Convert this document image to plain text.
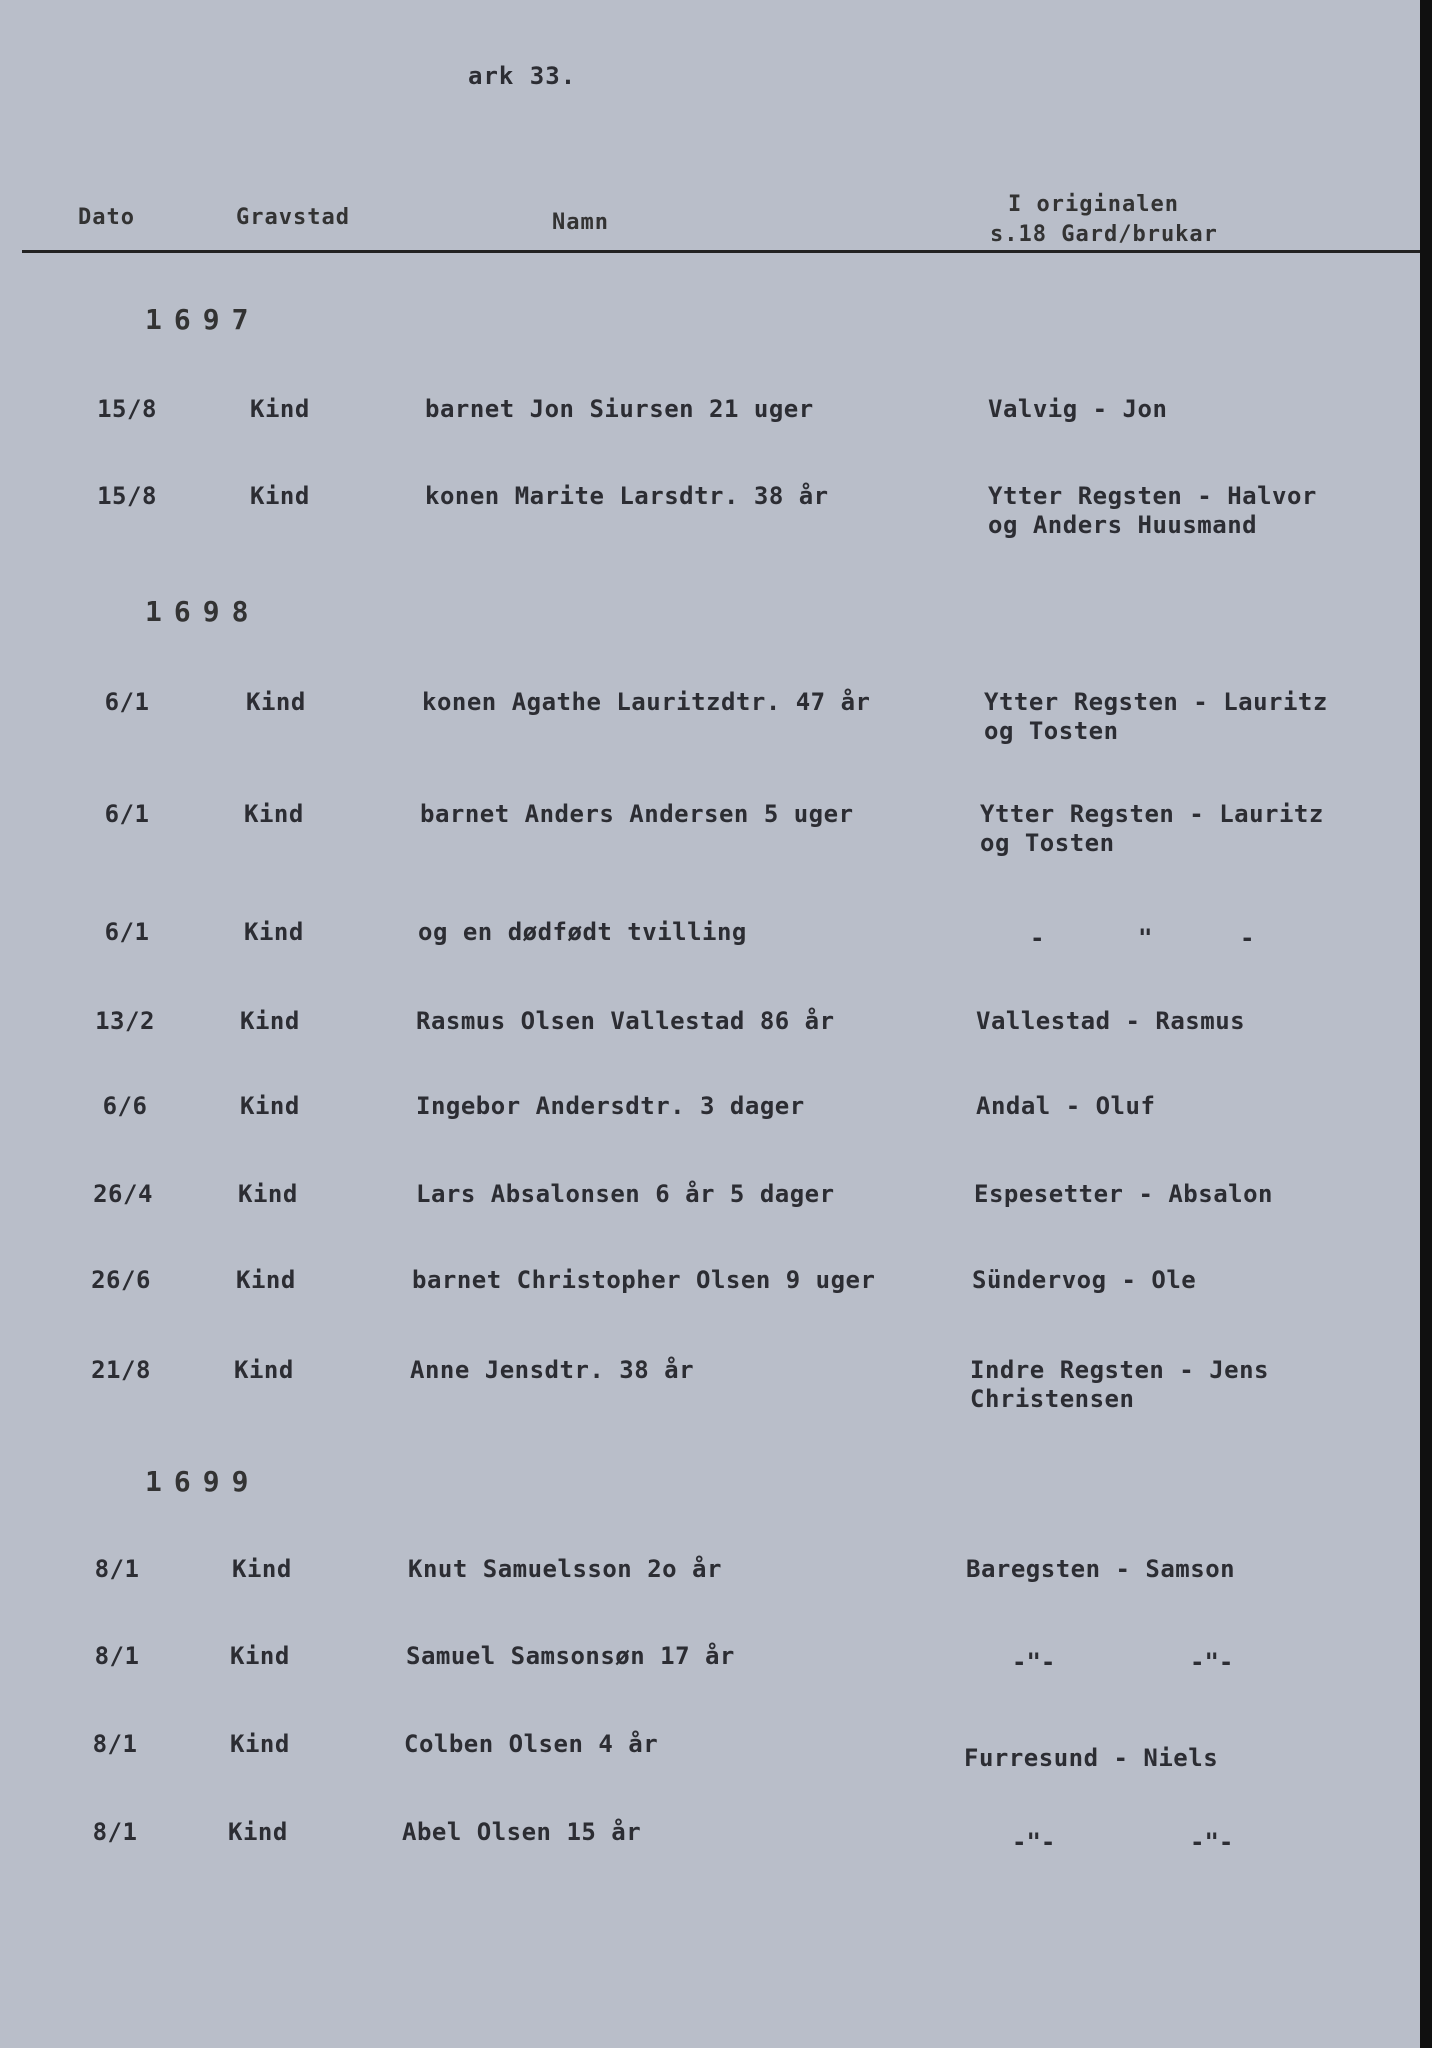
ark 33.
Dato	Gravstad	Namn
I originalen
s.18 Gard/brukar
1697
15/8	Kind	barnet Jon Siursen 21 uger	Valvig - Jon
15/8	Kind	konen Marite Larsdtr. 38 år	Ytter Regsten - Halvor
og Anders Huusmand
1698
6/1	Kind	konen Agathe Lauritzdtr. 47 år	Ytter Regsten - Lauritz
og Tosten
6/1	Kind	barnet Anders Andersen 5 uger	Ytter Regsten - Lauritz
og Tosten
6/1	Kind	og en dødfødt tvilling	-	"	-
13/2	Kind	Rasmus Olsen Vallestad 86 år	Vallestad - Rasmus
6/6	Kind	Ingebor Andersdtr. 3 dager	Andal - Oluf
26/4	Kind	Lars Absalonsen 6 år 5 dager	Espesetter - Absalon
26/6	Kind	barnet Christopher Olsen 9 uger	Sündervog - Ole
21/8	Kind	Anne Jensdtr. 38 år	Indre Regsten - Jens
Christensen
1699
8/1	Kind	Knut Samuelsson 2o år	Baregsten - Samson
8/1	Kind	Samuel Samsonsøn 17 år	-"-	-"-
8/1	Kind	Colben Olsen 4 år	Furresund - Niels
8/1	Kind	Abel Olsen 15 år	-"-	-"-
